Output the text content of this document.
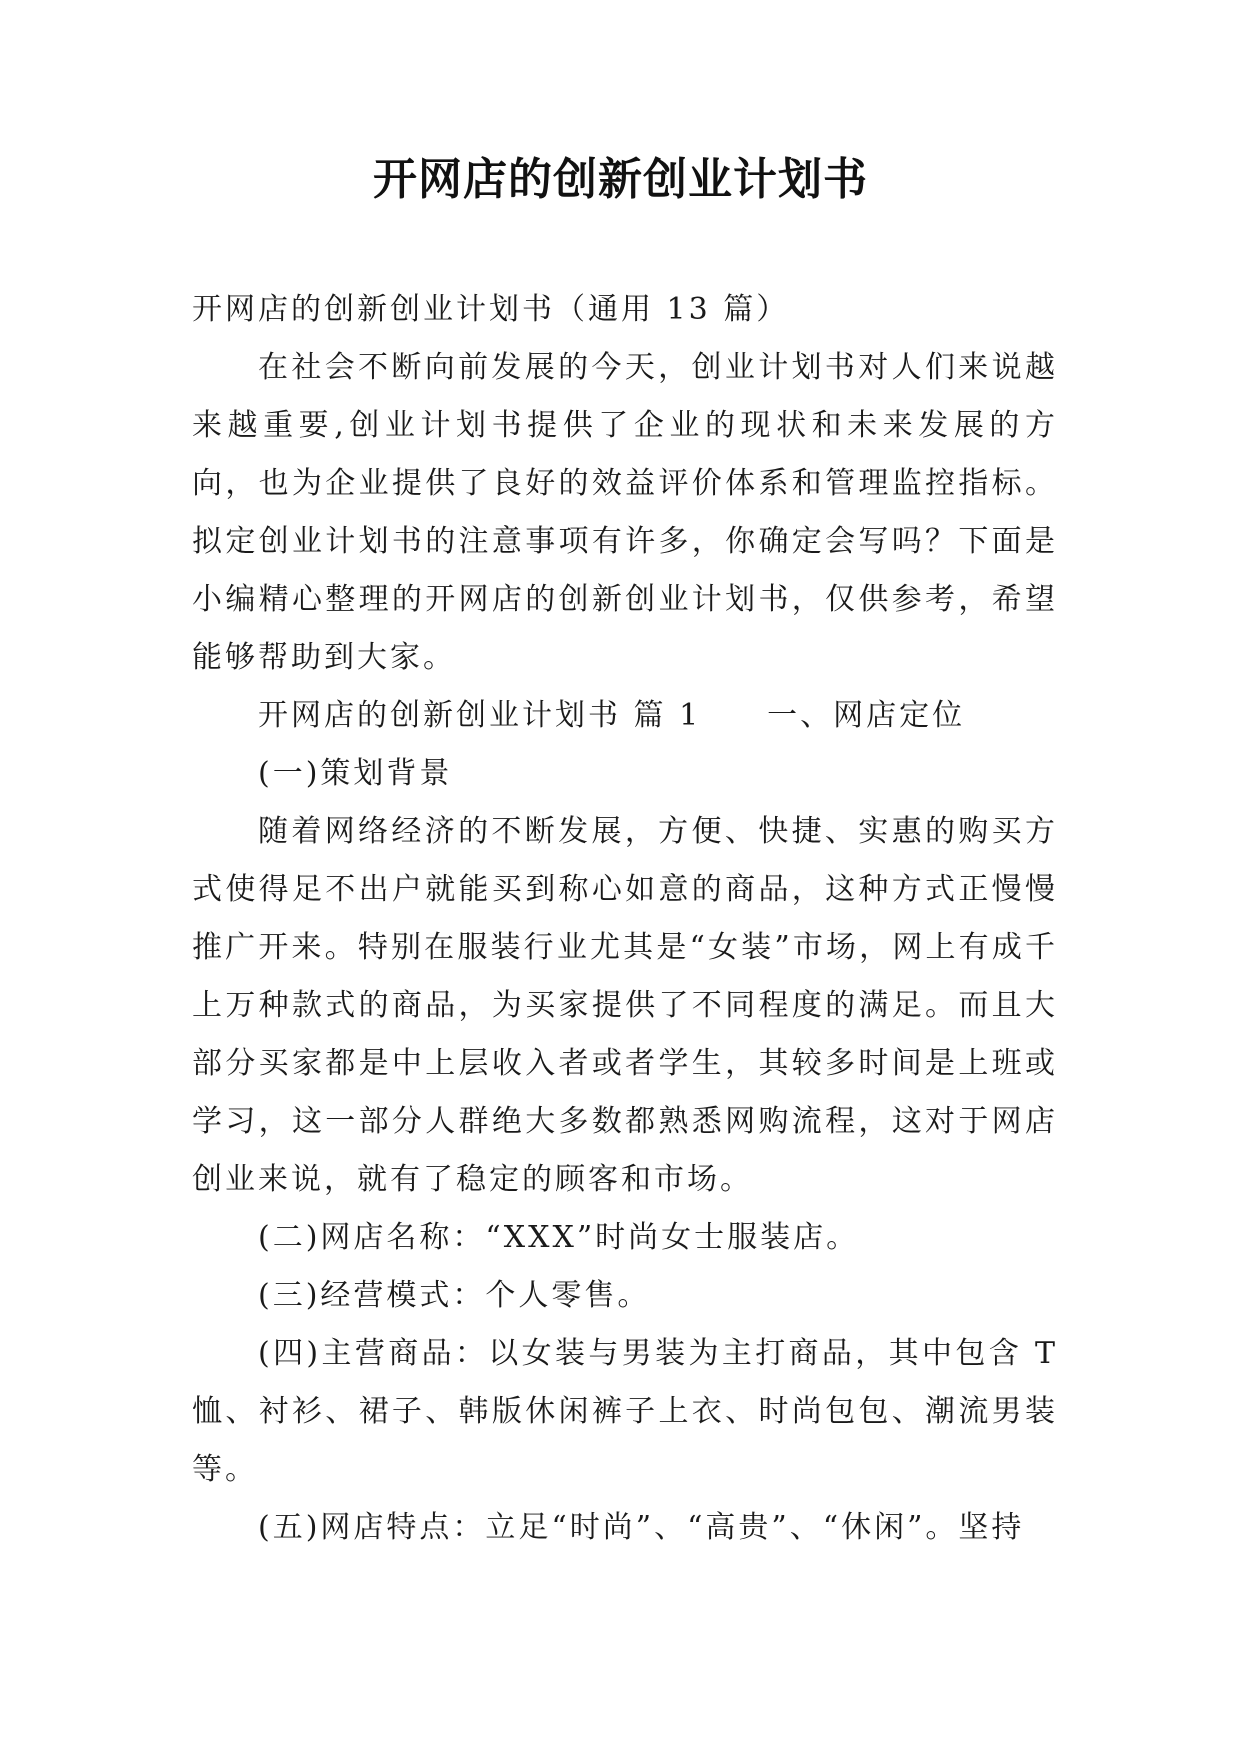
开网店的创新创业计划书

开网店的创新创业计划书（通用 13 篇）

在社会不断向前发展的今天，创业计划书对人们来说越来越重要,创业计划书提供了企业的现状和未来发展的方向，也为企业提供了良好的效益评价体系和管理监控指标。拟定创业计划书的注意事项有许多，你确定会写吗？下面是小编精心整理的开网店的创新创业计划书，仅供参考，希望能够帮助到大家。

开网店的创新创业计划书 篇 1 一、网店定位

(一)策划背景

随着网络经济的不断发展，方便、快捷、实惠的购买方式使得足不出户就能买到称心如意的商品，这种方式正慢慢推广开来。特别在服装行业尤其是“女装”市场，网上有成千上万种款式的商品，为买家提供了不同程度的满足。而且大部分买家都是中上层收入者或者学生，其较多时间是上班或学习，这一部分人群绝大多数都熟悉网购流程，这对于网店创业来说，就有了稳定的顾客和市场。

(二)网店名称：“XXX”时尚女士服装店。

(三)经营模式：个人零售。

(四)主营商品：以女装与男装为主打商品，其中包含 T 恤、衬衫、裙子、韩版休闲裤子上衣、时尚包包、潮流男装等。

(五)网店特点：立足“时尚”、“高贵”、“休闲”。坚持
